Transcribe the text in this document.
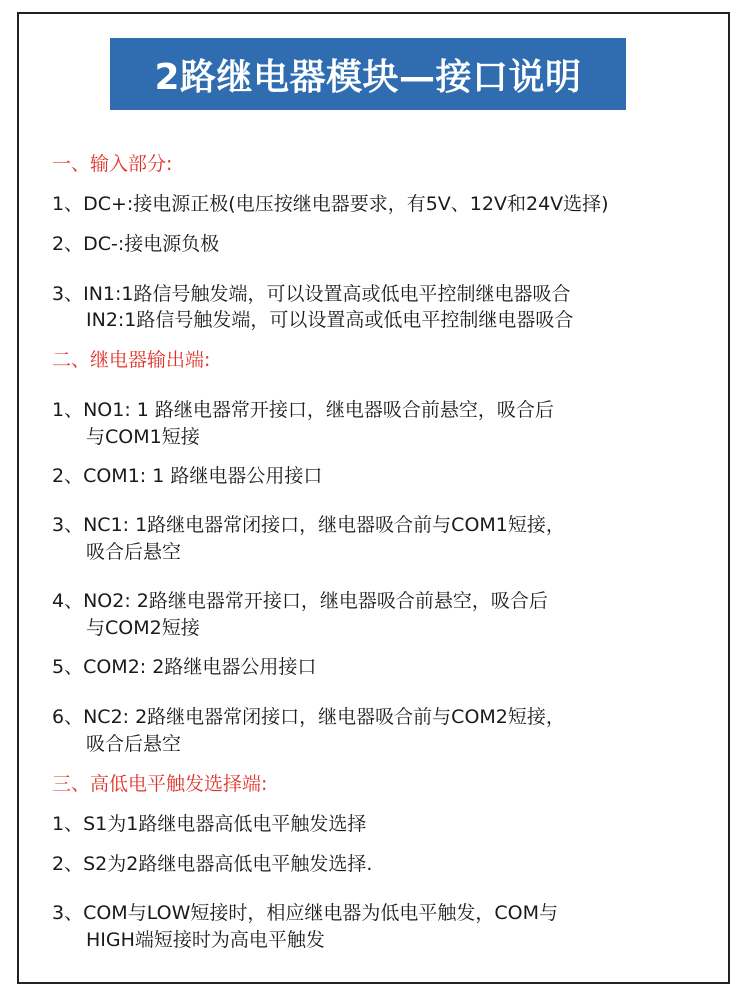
2路继电器模块—接口说明
一、输入部分:
1、DC+:接电源正极(电压按继电器要求，有5V、12V和24V选择)
2、DC-:接电源负极
3、IN1:1路信号触发端，可以设置高或低电平控制继电器吸合
IN2:1路信号触发端，可以设置高或低电平控制继电器吸合
二、继电器输出端:
1、NO1: 1 路继电器常开接口，继电器吸合前悬空，吸合后
与COM1短接
2、COM1: 1 路继电器公用接口
3、NC1: 1路继电器常闭接口，继电器吸合前与COM1短接，
吸合后悬空
4、NO2: 2路继电器常开接口，继电器吸合前悬空，吸合后
与COM2短接
5、COM2: 2路继电器公用接口
6、NC2: 2路继电器常闭接口，继电器吸合前与COM2短接，
吸合后悬空
三、高低电平触发选择端:
1、S1为1路继电器高低电平触发选择
2、S2为2路继电器高低电平触发选择.
3、COM与LOW短接时，相应继电器为低电平触发，COM与
HIGH端短接时为高电平触发
